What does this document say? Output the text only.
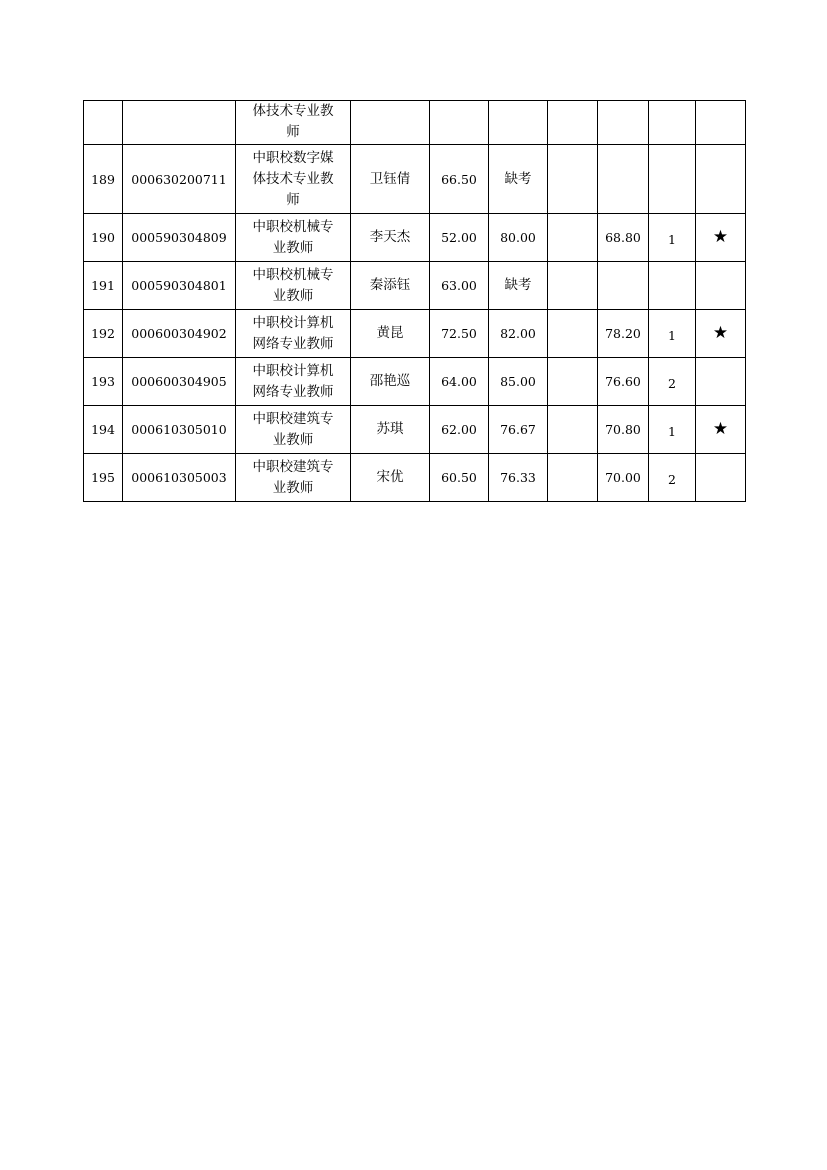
		体技术专业教师							

189	000630200711	中职校数字媒体技术专业教师	卫钰倩	66.50	缺考				
190	000590304809	中职校机械专业教师	李天杰	52.00	80.00		68.80	1	★
191	000590304801	中职校机械专业教师	秦添钰	63.00	缺考				
192	000600304902	中职校计算机网络专业教师	黄昆	72.50	82.00		78.20	1	★
193	000600304905	中职校计算机网络专业教师	邵艳巡	64.00	85.00		76.60	2	
194	000610305010	中职校建筑专业教师	苏琪	62.00	76.67		70.80	1	★
195	000610305003	中职校建筑专业教师	宋优	60.50	76.33		70.00	2	
